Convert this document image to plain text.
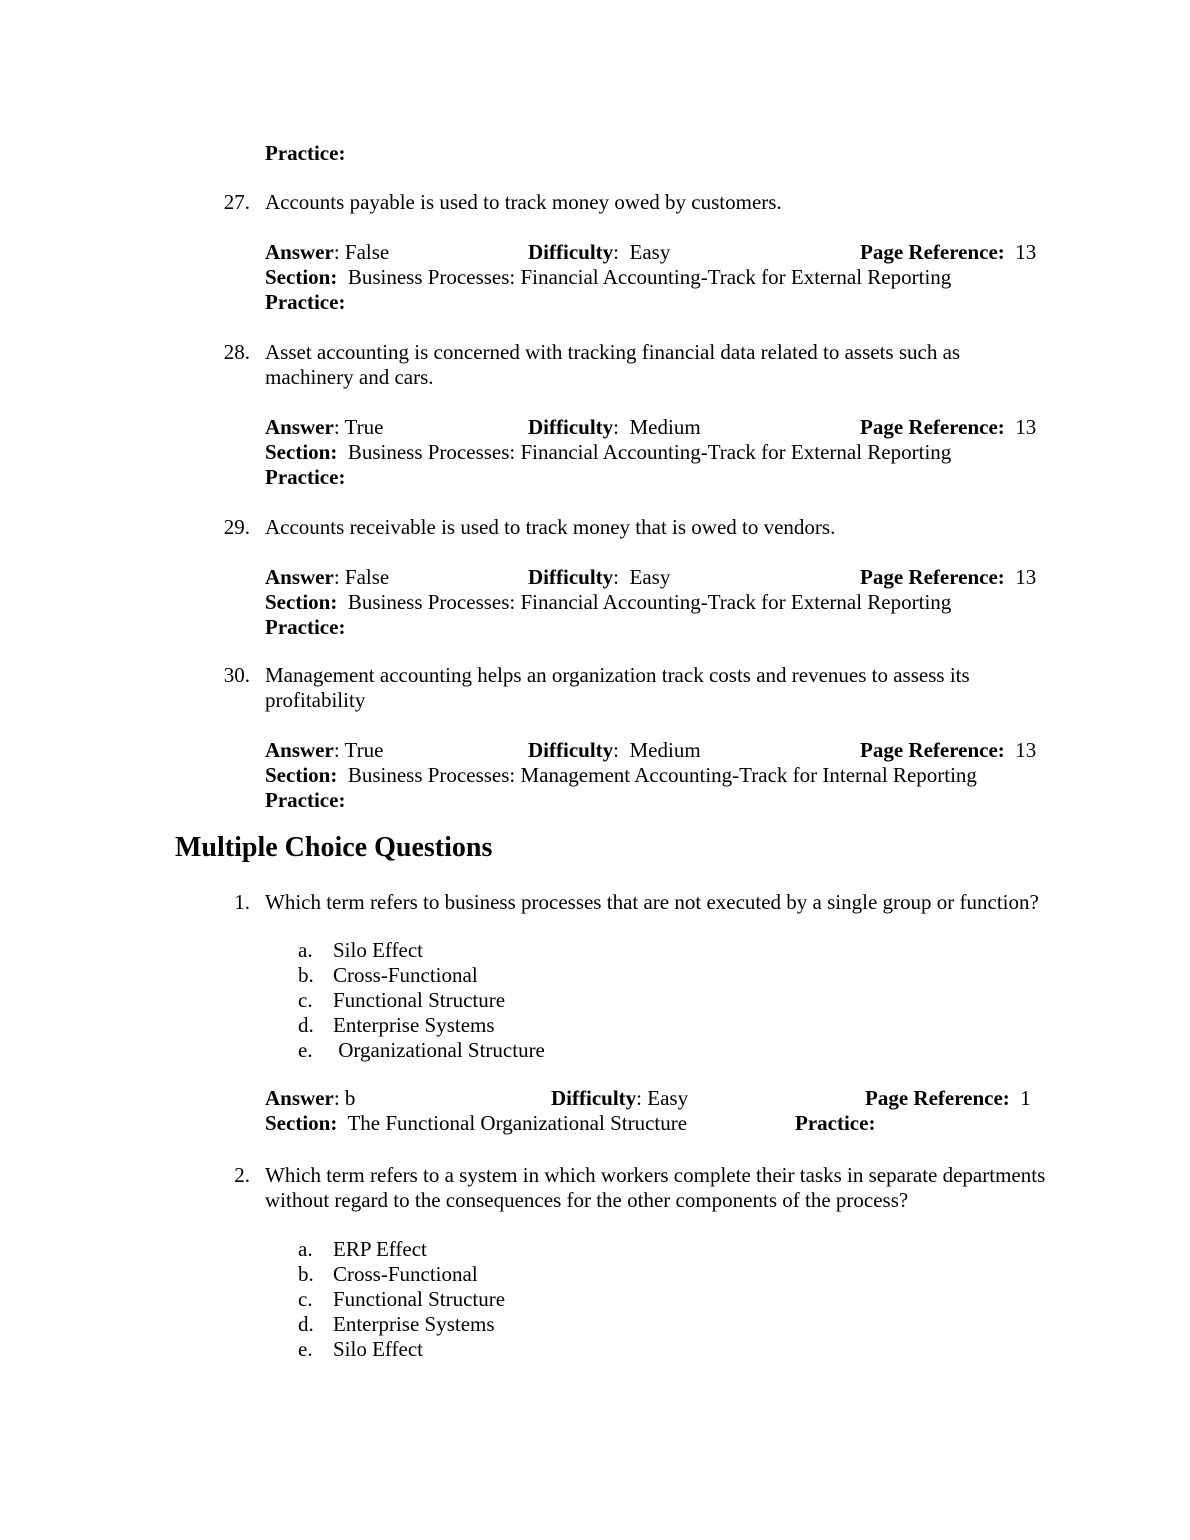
Practice:
27. Accounts payable is used to track money owed by customers.
Answer: False	Difficulty:  Easy	Page Reference: 13
Section: Business Processes: Financial Accounting-Track for External Reporting
Practice:
28. Asset accounting is concerned with tracking financial data related to assets such as
machinery and cars.
Answer: True	Difficulty:  Medium	Page Reference: 13
Section: Business Processes: Financial Accounting-Track for External Reporting
Practice:
29. Accounts receivable is used to track money that is owed to vendors.
Answer: False	Difficulty:  Easy	Page Reference: 13
Section: Business Processes: Financial Accounting-Track for External Reporting
Practice:
30. Management accounting helps an organization track costs and revenues to assess its
profitability
Answer: True	Difficulty:  Medium	Page Reference: 13
Section: Business Processes: Management Accounting-Track for Internal Reporting
Practice:
Multiple Choice Questions
1. Which term refers to business processes that are not executed by a single group or function?
a. Silo Effect
b. Cross-Functional
c. Functional Structure
d. Enterprise Systems
e. Organizational Structure
Answer: b	Difficulty: Easy	Page Reference: 1
Section: The Functional Organizational Structure	Practice:
2. Which term refers to a system in which workers complete their tasks in separate departments
without regard to the consequences for the other components of the process?
a. ERP Effect
b. Cross-Functional
c. Functional Structure
d. Enterprise Systems
e. Silo Effect
